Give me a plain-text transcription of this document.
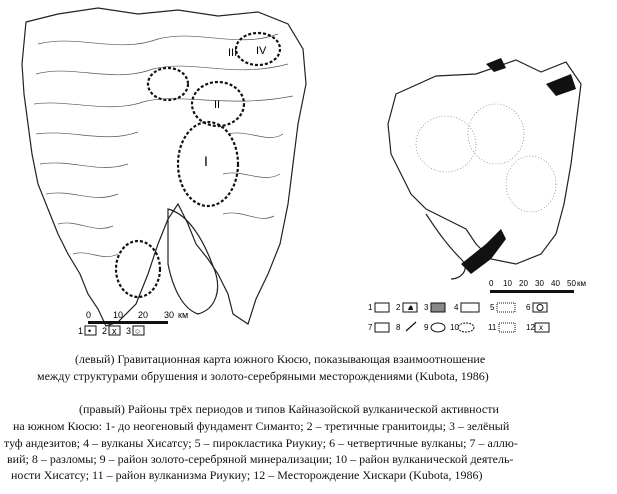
I
II
III IV
0 10 20 30 км
1 • 2 x 3 ○
0 10 20 30 40 50 км
1	2	3	4	5	6
7	8	9	10	11	12 x
(левый) Гравитационная карта южного Кюсю, показывающая взаимоотношение
между структурами обрушения и золото-серебряными месторождениями (Kubota, 1986)
(правый) Районы трёх периодов и типов Кайназойской вулканической активности
на южном Кюсю: 1- до неогеновый фундамент Симанто; 2 – третичные гранитоиды; 3 – зелёный
туф андезитов; 4 – вулканы Хисатсу; 5 – пирокластика Риукиу; 6 – четвертичные вулканы; 7 – аллю-
вий; 8 – разломы; 9 – район золото-серебряной минерализации; 10 – район вулканической деятель-
ности Хисатсу; 11 – район вулканизма Риукиу; 12 – Месторождение Хискари (Kubota, 1986)
